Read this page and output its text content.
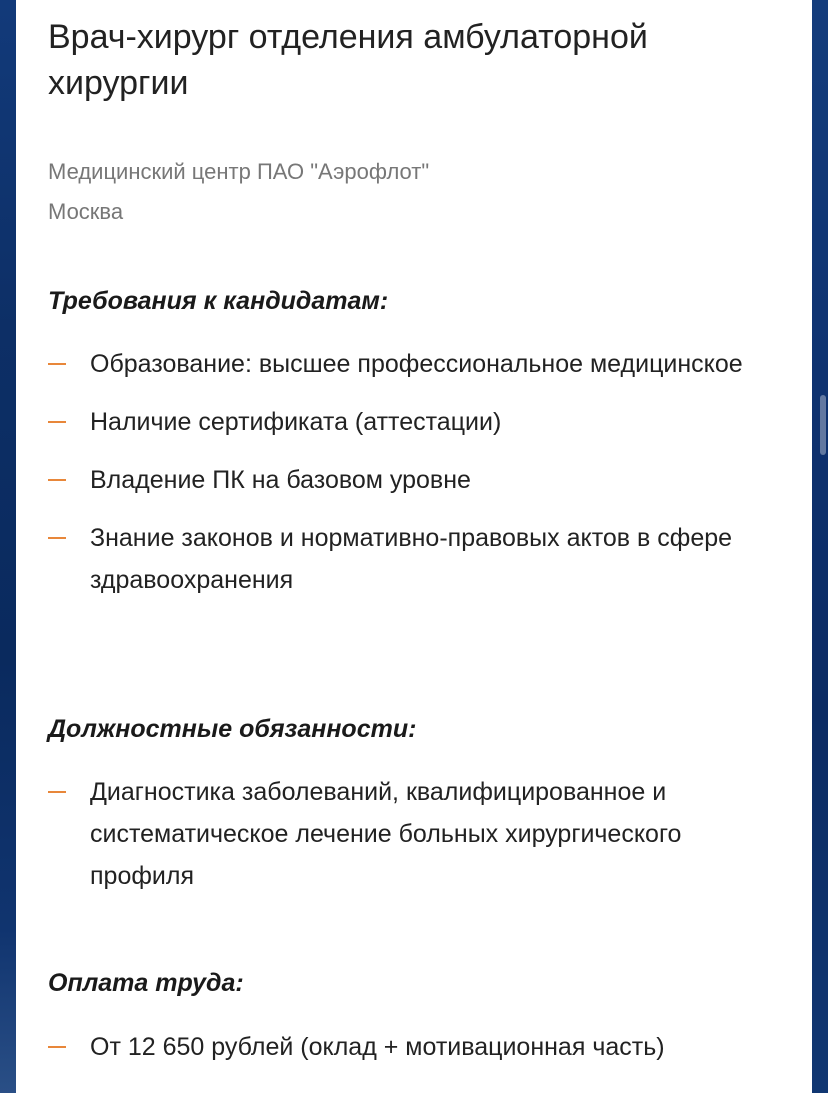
Врач-хирург отделения амбулаторной хирургии
Медицинский центр ПАО "Аэрофлот"
Москва
Требования к кандидатам:
Образование: высшее профессиональное медицинское
Наличие сертификата (аттестации)
Владение ПК на базовом уровне
Знание законов и нормативно-правовых актов в сфере здравоохранения
Должностные обязанности:
Диагностика заболеваний, квалифицированное и систематическое лечение больных хирургического профиля
Оплата труда:
От 12 650 рублей (оклад + мотивационная часть)
